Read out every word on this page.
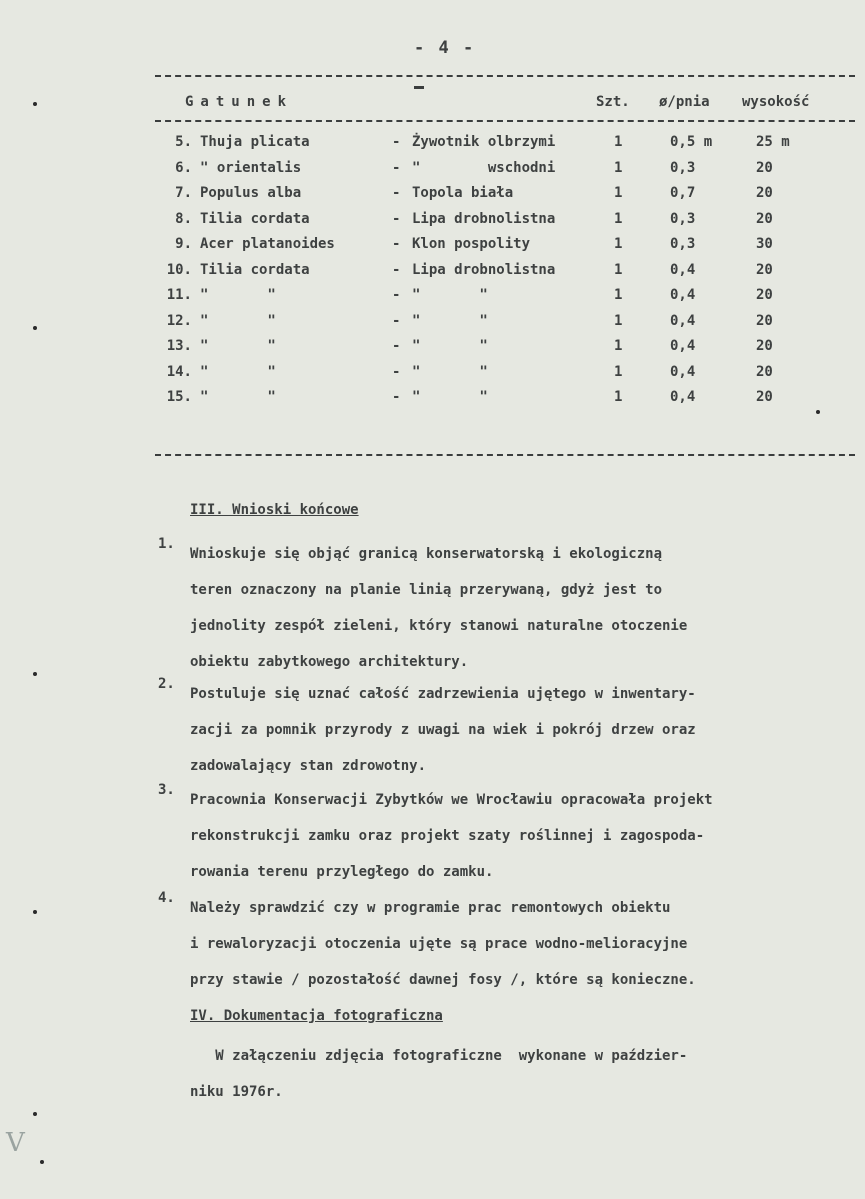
- 4 -
Gatunek	Szt. ø/pnia wysokość
5. Thuja plicata	- Żywotnik olbrzymi	1	0,5 m	25 m
6. " orientalis	- "        wschodni	1	0,3	20
7. Populus alba	- Topola biała	1	0,7	20
8. Tilia cordata	- Lipa drobnolistna	1	0,3	20
9. Acer platanoides	- Klon pospolity	1	0,3	30
10. Tilia cordata	- Lipa drobnolistna	1	0,4	20
11. "       "	- "       "	1	0,4	20
12. "       "	- "       "	1	0,4	20
13. "       "	- "       "	1	0,4	20
14. "       "	- "       "	1	0,4	20
15. "       "	- "       "	1	0,4	20
III. Wnioski końcowe
1.
Wnioskuje się objąć granicą konserwatorską i ekologiczną
teren oznaczony na planie linią przerywaną, gdyż jest to
jednolity zespół zieleni, który stanowi naturalne otoczenie
obiektu zabytkowego architektury.
2.
Postuluje się uznać całość zadrzewienia ujętego w inwentary-
zacji za pomnik przyrody z uwagi na wiek i pokrój drzew oraz
zadowalający stan zdrowotny.
3.
Pracownia Konserwacji Zybytków we Wrocławiu opracowała projekt
rekonstrukcji zamku oraz projekt szaty roślinnej i zagospoda-
rowania terenu przyległego do zamku.
4.
Należy sprawdzić czy w programie prac remontowych obiektu
i rewaloryzacji otoczenia ujęte są prace wodno-melioracyjne
przy stawie / pozostałość dawnej fosy /, które są konieczne.
IV. Dokumentacja fotograficzna
W załączeniu zdjęcia fotograficzne  wykonane w paździer-
niku 1976r.
V
